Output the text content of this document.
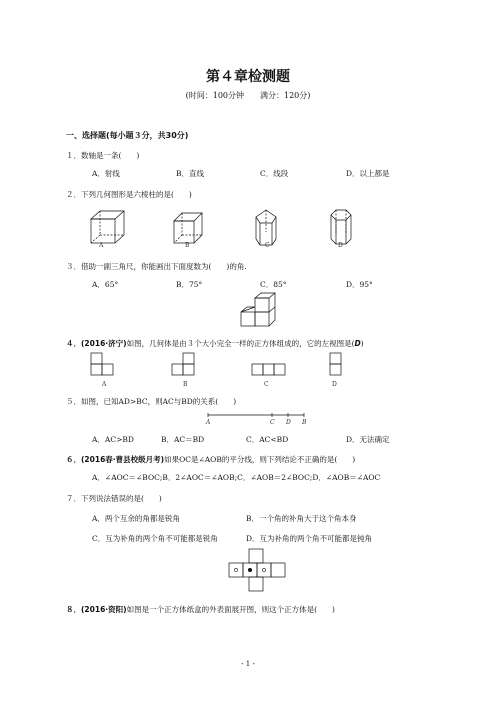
第４章检测题
(时间：100分钟　　满分：120分)
一、选择题(每小题３分，共30分)
１．数轴是一条(　　)
A．射线	B．直线	C．线段	D．以上都是
２．下列几何图形是六棱柱的是(　　)
A	B	C	D
３．借助一副三角尺，你能画出下面度数为(　　)的角.
A．65°	B．75°	C．85°	D．95°
４．(2016·济宁)如图，几何体是由３个大小完全一样的正方体组成的，它的左视图是(D)
A	B	C	D
５．如图，已知AD>BC，则AC与BD的关系(　　)
A	C D B
A．AC>BD	B．AC＝BD	C．AC<BD	D．无法确定
６．(2016春·曹县校级月考)如果OC是∠AOB的平分线，则下列结论不正确的是(　　)
A．∠AOC＝∠BOC;B．2∠AOC＝∠AOB;C．∠AOB＝2∠BOC;D．∠AOB＝∠AOC
７．下列说法错误的是(　　)
A．两个互余的角都是锐角	B．一个角的补角大于这个角本身
C．互为补角的两个角不可能都是锐角	D．互为补角的两个角不可能都是钝角
８．(2016·资阳)如图是一个正方体纸盒的外表面展开图，则这个正方体是(　　)
- 1 -
